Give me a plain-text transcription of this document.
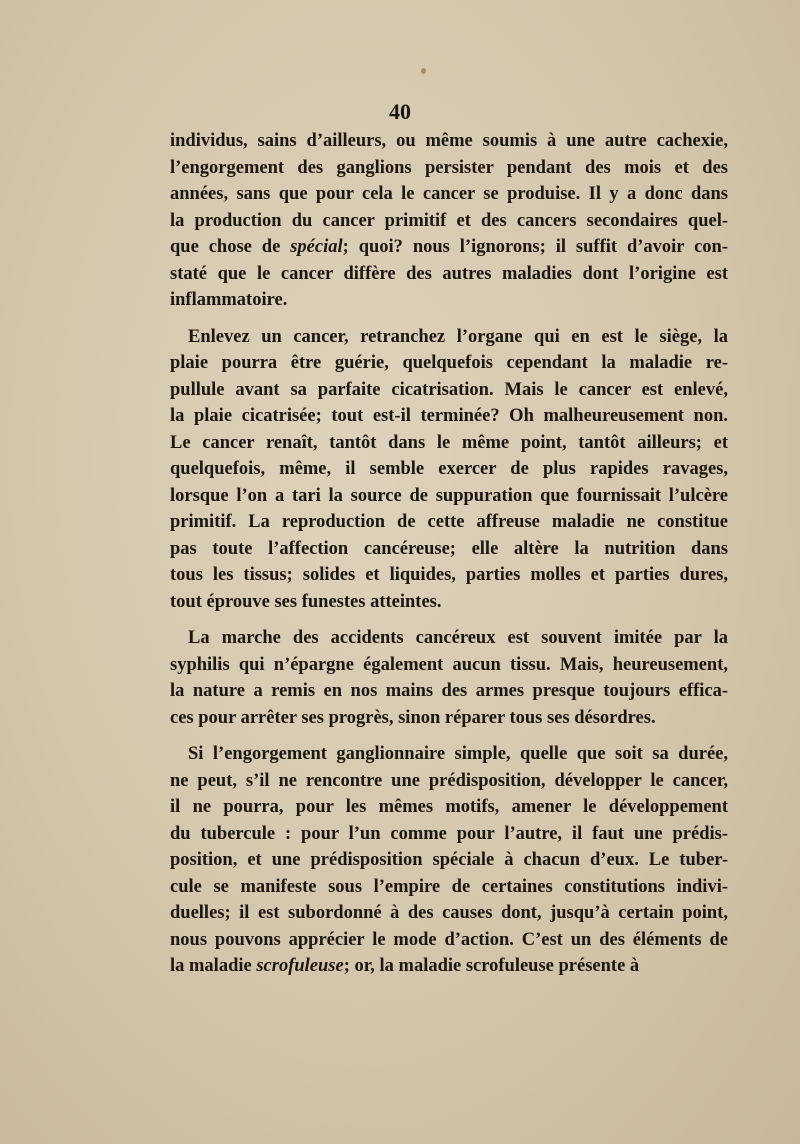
40
individus, sains d’ailleurs, ou même soumis à une autre cachexie,
l’engorgement des ganglions persister pendant des mois et des
années, sans que pour cela le cancer se produise. Il y a donc dans
la production du cancer primitif et des cancers secondaires quel-
que chose de spécial; quoi? nous l’ignorons; il suffit d’avoir con-
staté que le cancer diffère des autres maladies dont l’origine est
inflammatoire.
Enlevez un cancer, retranchez l’organe qui en est le siège, la
plaie pourra être guérie, quelquefois cependant la maladie re-
pullule avant sa parfaite cicatrisation. Mais le cancer est enlevé,
la plaie cicatrisée; tout est-il terminée? Oh malheureusement non.
Le cancer renaît, tantôt dans le même point, tantôt ailleurs; et
quelquefois, même, il semble exercer de plus rapides ravages,
lorsque l’on a tari la source de suppuration que fournissait l’ulcère
primitif. La reproduction de cette affreuse maladie ne constitue
pas toute l’affection cancéreuse; elle altère la nutrition dans
tous les tissus; solides et liquides, parties molles et parties dures,
tout éprouve ses funestes atteintes.
La marche des accidents cancéreux est souvent imitée par la
syphilis qui n’épargne également aucun tissu. Mais, heureusement,
la nature a remis en nos mains des armes presque toujours effica-
ces pour arrêter ses progrès, sinon réparer tous ses désordres.
Si l’engorgement ganglionnaire simple, quelle que soit sa durée,
ne peut, s’il ne rencontre une prédisposition, développer le cancer,
il ne pourra, pour les mêmes motifs, amener le développement
du tubercule : pour l’un comme pour l’autre, il faut une prédis-
position, et une prédisposition spéciale à chacun d’eux. Le tuber-
cule se manifeste sous l’empire de certaines constitutions indivi-
duelles; il est subordonné à des causes dont, jusqu’à certain point,
nous pouvons apprécier le mode d’action. C’est un des éléments de
la maladie scrofuleuse; or, la maladie scrofuleuse présente à
